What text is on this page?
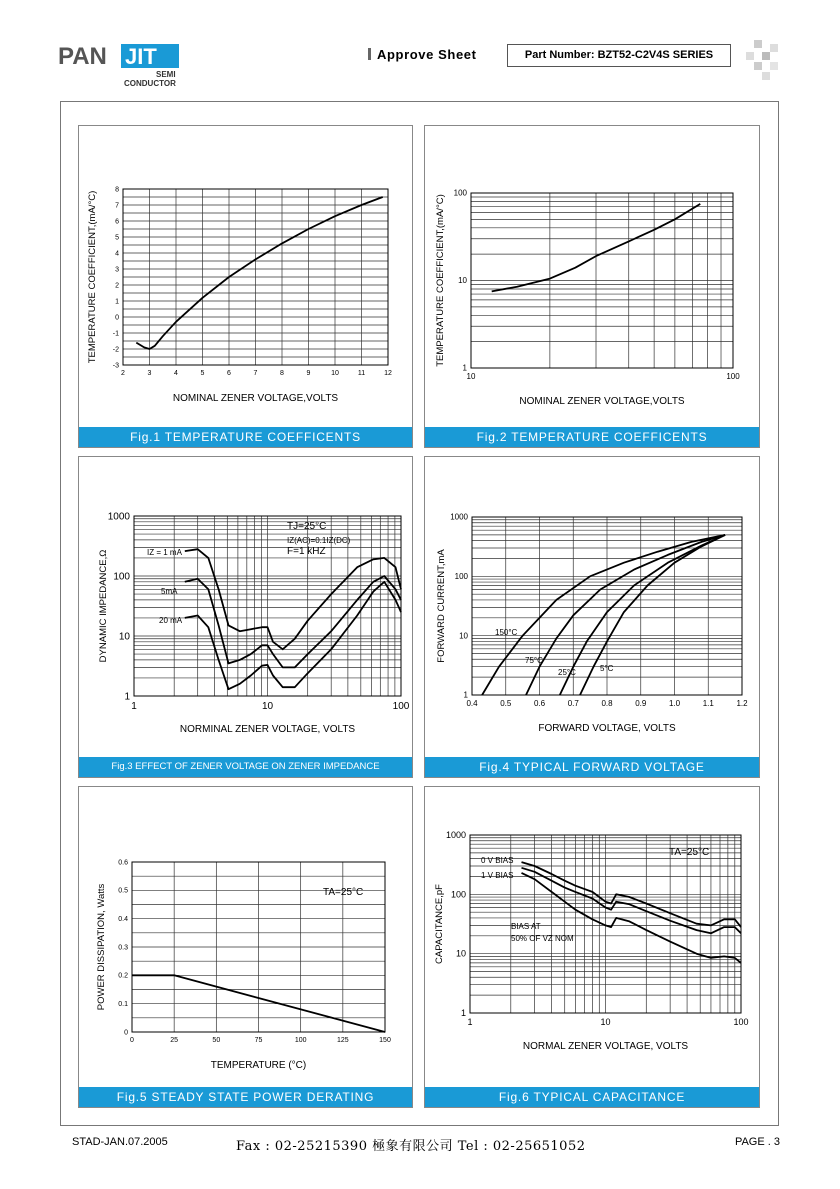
PAN JIT
SEMI
CONDUCTOR
Approve Sheet	Part Number: BZT52-C2V4S SERIES
2	3	4	5	6	7	8	9	10	11	12
-3
-2
-1
0
1
2
3
4
5
6
7
8
NOMINAL ZENER VOLTAGE,VOLTS
TEMPERATURE COEFFICIENT,(mA/°C)
Fig.1 TEMPERATURE COEFFICENTS
10	100
1
10
100
NOMINAL ZENER VOLTAGE,VOLTS
TEMPERATURE COEFFICIENT,(mA/°C)
Fig.2 TEMPERATURE COEFFICENTS
1	10	100
1
10
100
1000
NORMINAL ZENER VOLTAGE, VOLTS
DYNAMIC IMPEDANCE,Ω	IZ = 1 mA
5mA
20 mA
TJ=25°C
IZ(AC)=0.1IZ(DC)
F=1 kHZ
Fig.3 EFFECT OF ZENER VOLTAGE ON ZENER IMPEDANCE
0.4	0.5	0.6	0.7	0.8	0.9	1.0	1.1	1.2
1
10
100
1000
FORWARD VOLTAGE, VOLTS
FORWARD CURRENT,mA	150°C
75°C
25°C	5°C
Fig.4 TYPICAL FORWARD VOLTAGE
0	25	50	75	100	125	150
0
0.1
0.2
0.3
0.4
0.5
0.6
TEMPERATURE (°C)
POWER DISSIPATION, Watts	TA=25°C
Fig.5 STEADY STATE POWER DERATING
1	10	100
1
10
100
1000
NORMAL ZENER VOLTAGE, VOLTS
CAPACITANCE,pF
0 V BIAS
1 V BIAS
TA=25°C
BIAS AT
50% OF VZ NOM
Fig.6 TYPICAL CAPACITANCE
STAD-JAN.07.2005	Fax : 02-25215390 極象有限公司 Tel : 02-25651052	PAGE . 3
